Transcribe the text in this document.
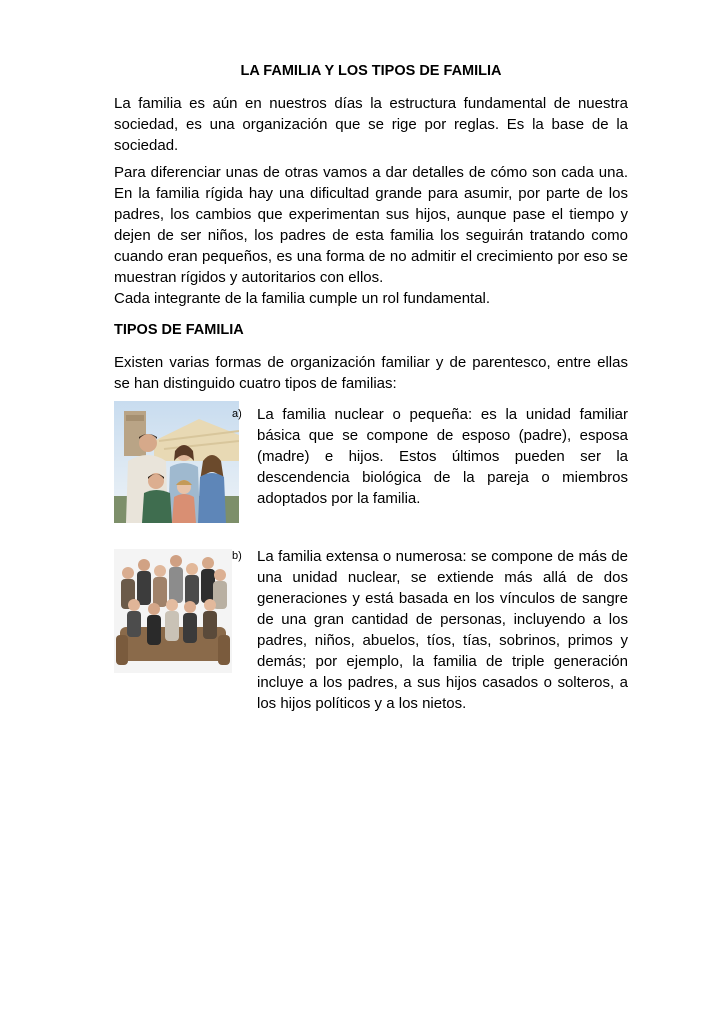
LA FAMILIA Y LOS TIPOS DE FAMILIA

La familia es aún en nuestros días la estructura fundamental de nuestra sociedad, es una organización que se rige por reglas. Es la base de la sociedad.

Para diferenciar unas de otras vamos a dar detalles de cómo son cada una. En la familia rígida hay una dificultad grande para asumir, por parte de los padres, los cambios que experimentan sus hijos, aunque pase el tiempo y dejen de ser niños, los padres de esta familia los seguirán tratando como cuando eran pequeños, es una forma de no admitir el crecimiento por eso se muestran rígidos y autoritarios con ellos.

Cada integrante de la familia cumple un rol fundamental.

TIPOS DE FAMILIA

Existen varias formas de organización familiar y de parentesco, entre ellas se han distinguido cuatro tipos de familias:

a) La familia nuclear o pequeña: es la unidad familiar básica que se compone de esposo (padre), esposa (madre) e hijos. Estos últimos pueden ser la descendencia biológica de la pareja o miembros adoptados por la familia.

b) La familia extensa o numerosa: se compone de más de una unidad nuclear, se extiende más allá de dos generaciones y está basada en los vínculos de sangre de una gran cantidad de personas, incluyendo a los padres, niños, abuelos, tíos, tías, sobrinos, primos y demás; por ejemplo, la familia de triple generación incluye a los padres, a sus hijos casados o solteros, a los hijos políticos y a los nietos.
